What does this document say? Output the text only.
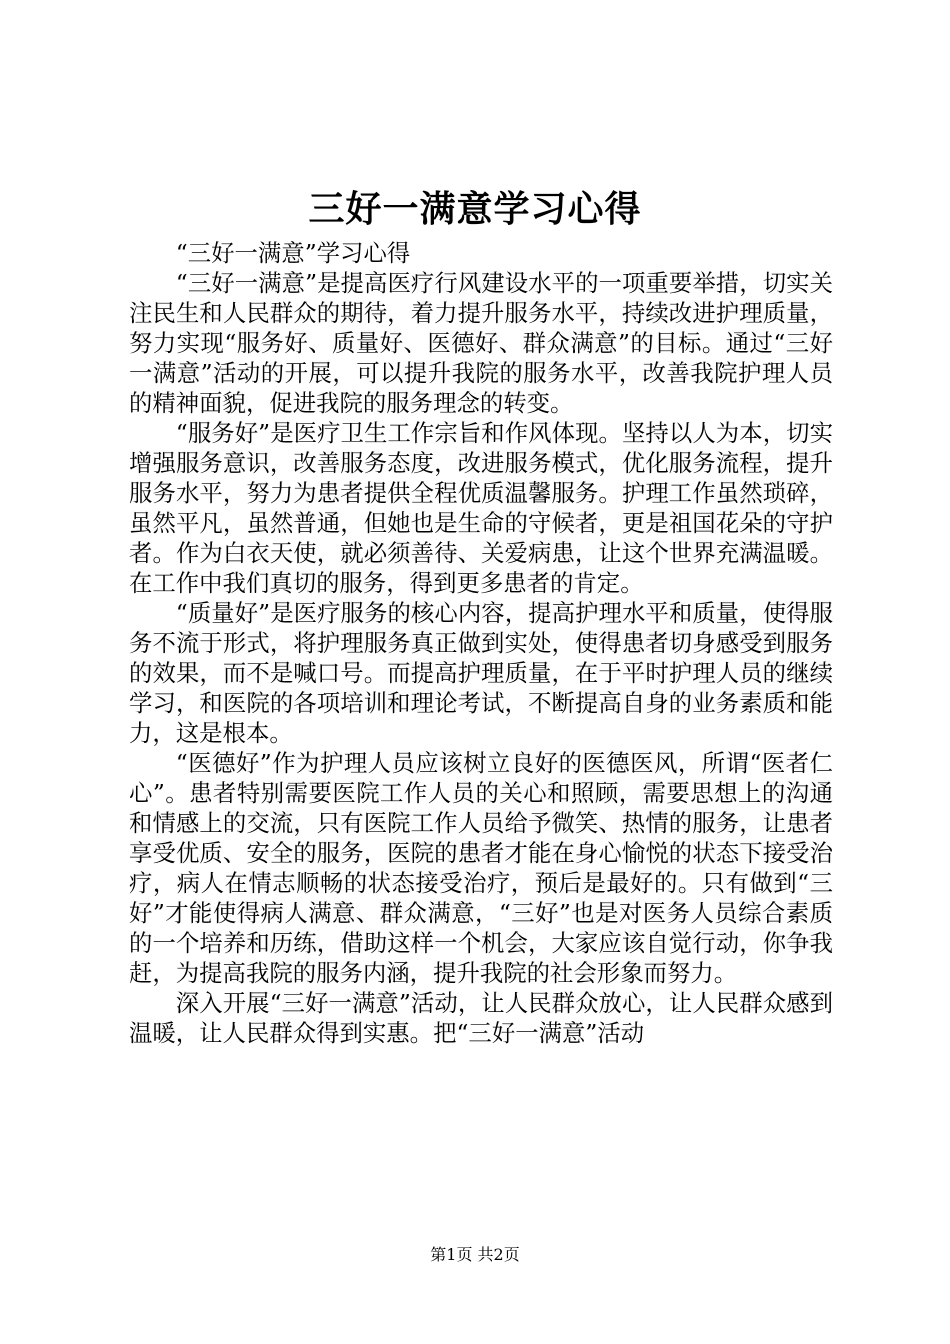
三好一满意学习心得

“三好一满意”学习心得

“三好一满意”是提高医疗行风建设水平的一项重要举措，切实关注民生和人民群众的期待，着力提升服务水平，持续改进护理质量，努力实现“服务好、质量好、医德好、群众满意”的目标。通过“三好一满意”活动的开展，可以提升我院的服务水平，改善我院护理人员的精神面貌，促进我院的服务理念的转变。

“服务好”是医疗卫生工作宗旨和作风体现。坚持以人为本，切实增强服务意识，改善服务态度，改进服务模式，优化服务流程，提升服务水平，努力为患者提供全程优质温馨服务。护理工作虽然琐碎，虽然平凡，虽然普通，但她也是生命的守候者，更是祖国花朵的守护者。作为白衣天使，就必须善待、关爱病患，让这个世界充满温暖。在工作中我们真切的服务，得到更多患者的肯定。

“质量好”是医疗服务的核心内容，提高护理水平和质量，使得服务不流于形式，将护理服务真正做到实处，使得患者切身感受到服务的效果，而不是喊口号。而提高护理质量，在于平时护理人员的继续学习，和医院的各项培训和理论考试，不断提高自身的业务素质和能力，这是根本。

“医德好”作为护理人员应该树立良好的医德医风，所谓“医者仁心”。患者特别需要医院工作人员的关心和照顾，需要思想上的沟通和情感上的交流，只有医院工作人员给予微笑、热情的服务，让患者享受优质、安全的服务，医院的患者才能在身心愉悦的状态下接受治疗，病人在情志顺畅的状态接受治疗，预后是最好的。只有做到“三好”才能使得病人满意、群众满意，“三好”也是对医务人员综合素质的一个培养和历练，借助这样一个机会，大家应该自觉行动，你争我赶，为提高我院的服务内涵，提升我院的社会形象而努力。

深入开展“三好一满意”活动，让人民群众放心，让人民群众感到温暖，让人民群众得到实惠。把“三好一满意”活动

第1页 共2页
